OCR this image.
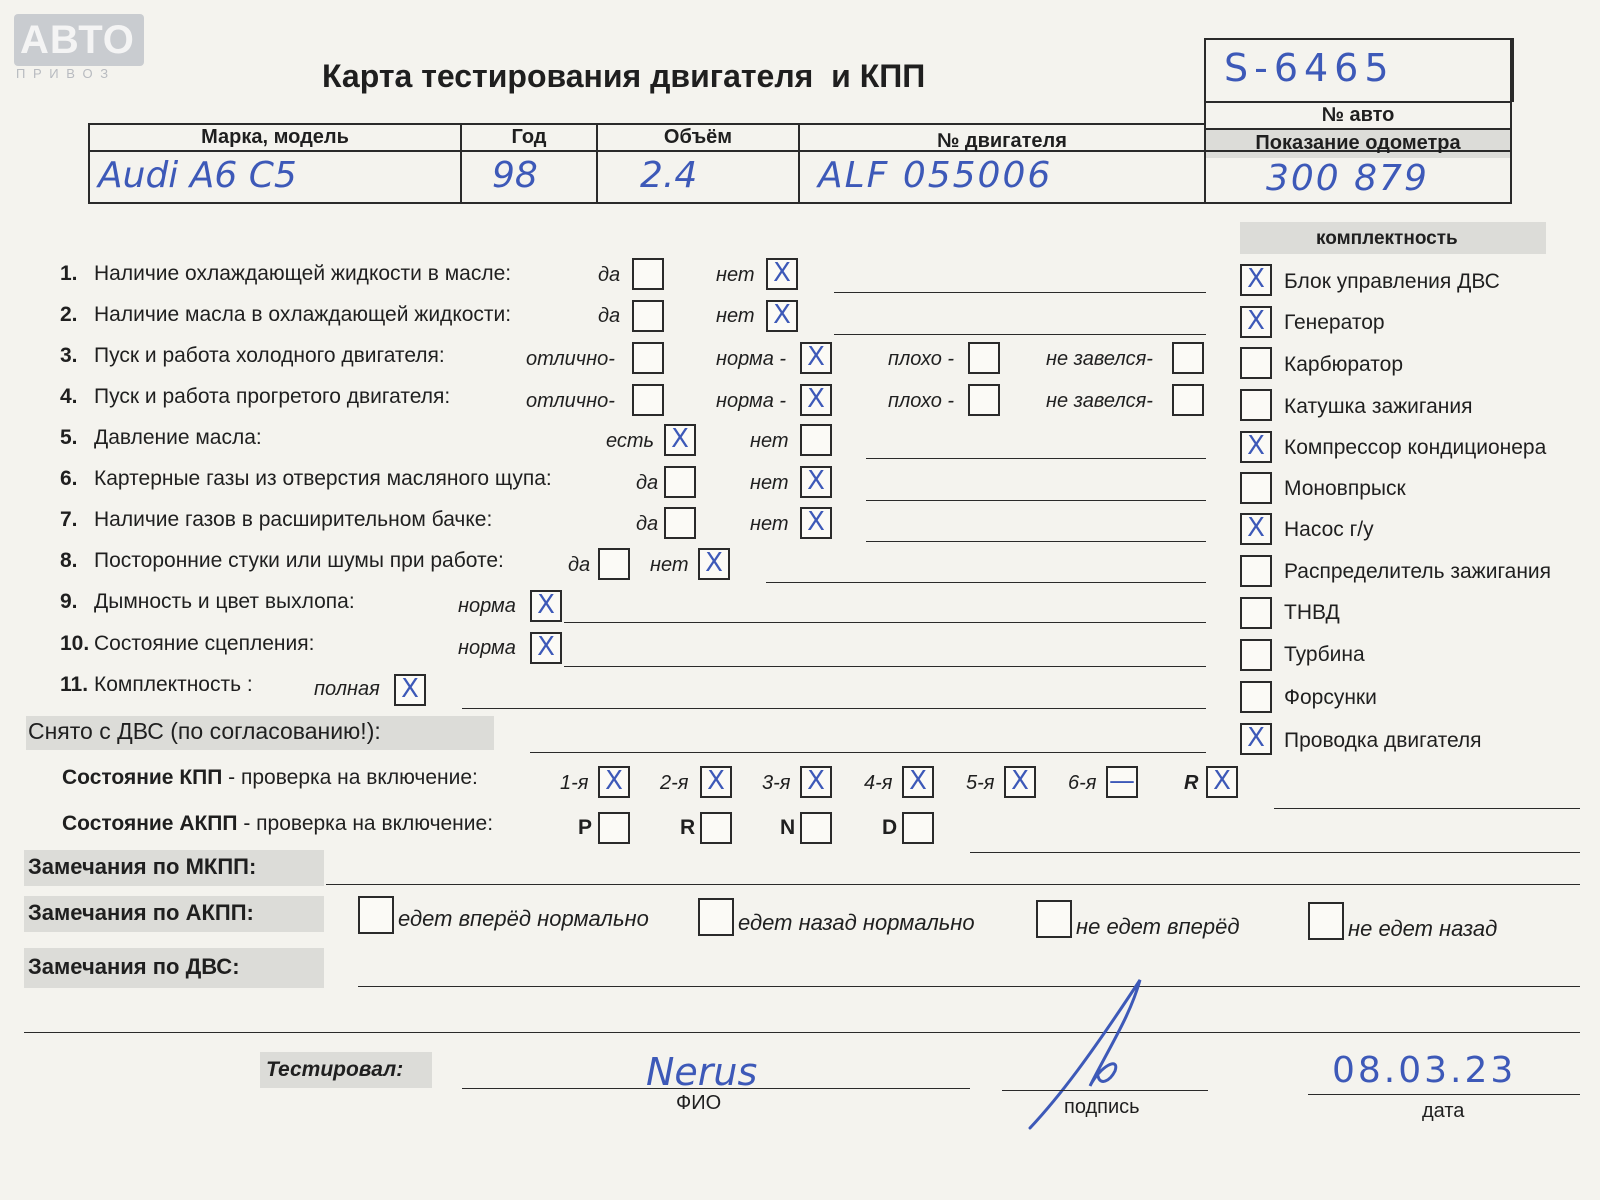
АВТО
П Р И В О З	Карта тестирования двигателя  и КПП	S-6465
№ авто
Марка, модель	Год	Объём	№ двигателя	Показание одометра
Audi A6 C5	98	2.4	ALF 055006	300 879
1. Наличие охлаждающей жидкости в масле:	да	нет X
2. Наличие масла в охлаждающей жидкости:	да	нет X
3. Пуск и работа холодного двигателя:	отлично-	норма - X	плохо -	не завелся-
4. Пуск и работа прогретого двигателя:	отлично-	норма - X	плохо -	не завелся-
5. Давление масла:	есть X	нет
6. Картерные газы из отверстия масляного щупа:	да	нет X
7. Наличие газов в расширительном бачке:	да	нет X
8. Посторонние стуки или шумы при работе:	да	нет X
9. Дымность и цвет выхлопа:	норма X
10. Состояние сцепления:	норма X
11. Комплектность :	полная X
Снято с ДВС (по согласованию!):
комплектность
X Блок управления ДВС
X Генератор
Карбюратор
Катушка зажигания
X Компрессор кондиционера
Моновпрыск
X Насос г/у
Распределитель зажигания
ТНВД
Турбина
Форсунки
X Проводка двигателя
Состояние КПП - проверка на включение:	1-я X 2-я X 3-я X 4-я X 5-я X 6-я — R X
Состояние АКПП - проверка на включение:	P	R	N	D
Замечания по МКПП:
Замечания по АКПП:	едет вперёд нормально	едет назад нормально	не едет вперёд	не едет назад
Замечания по ДВС:
Тестировал:	Nerus
ФИО	подпись
08.03.23
дата
